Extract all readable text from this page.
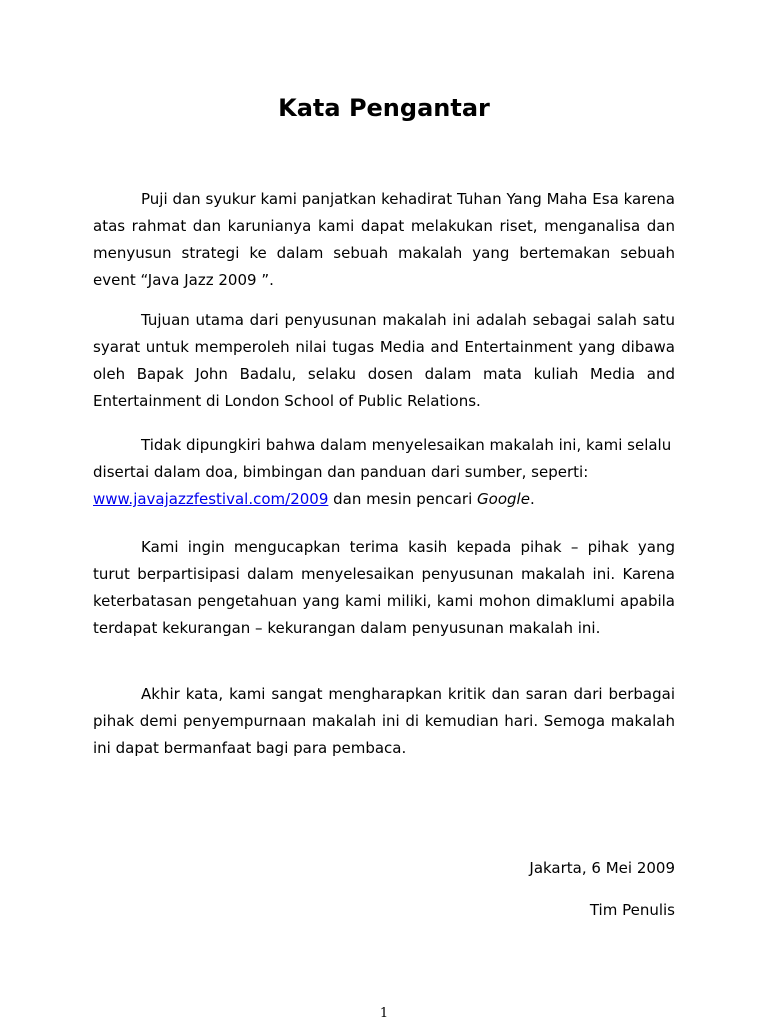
Kata Pengantar

Puji dan syukur kami panjatkan kehadirat Tuhan Yang Maha Esa karena atas rahmat dan karunianya kami dapat melakukan riset, menganalisa dan menyusun strategi ke dalam sebuah makalah yang bertemakan sebuah event “Java Jazz 2009 ”.

Tujuan utama dari penyusunan makalah ini adalah sebagai salah satu syarat untuk memperoleh nilai tugas Media and Entertainment yang dibawa oleh Bapak John Badalu, selaku dosen dalam mata kuliah Media and Entertainment di London School of Public Relations.

Tidak dipungkiri bahwa dalam menyelesaikan makalah ini, kami selalu disertai dalam doa, bimbingan dan panduan dari sumber, seperti: www.javajazzfestival.com/2009 dan mesin pencari Google.

Kami ingin mengucapkan terima kasih kepada pihak – pihak yang turut berpartisipasi dalam menyelesaikan penyusunan makalah ini. Karena keterbatasan pengetahuan yang kami miliki, kami mohon dimaklumi apabila terdapat kekurangan – kekurangan dalam penyusunan makalah ini.

Akhir kata, kami sangat mengharapkan kritik dan saran dari berbagai pihak demi penyempurnaan makalah ini di kemudian hari. Semoga makalah ini dapat bermanfaat bagi para pembaca.

Jakarta, 6 Mei 2009

Tim Penulis

1
